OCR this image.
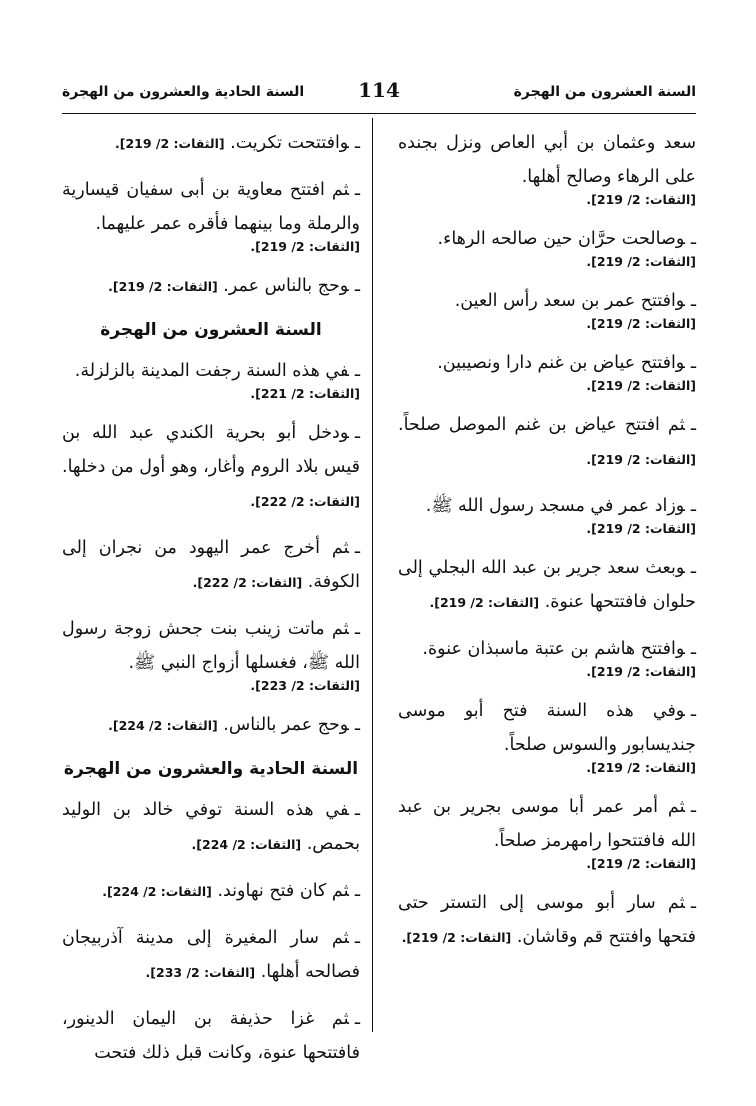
السنة العشرون من الهجرة
114
السنة الحادية والعشرون من الهجرة

سعد وعثمان بن أبي العاص ونزل بجنده على الرهاء وصالح أهلها.
[الثقات: 2/ 219].

ـوصالحت حرَّان حين صالحه الرهاء.
[الثقات: 2/ 219].

ـوافتتح عمر بن سعد رأس العين.
[الثقات: 2/ 219].

ـوافتتح عياض بن غنم دارا ونصيبين.
[الثقات: 2/ 219].

ـثم افتتح عياض بن غنم الموصل صلحاً. [الثقات: 2/ 219].

ـوزاد عمر في مسجد رسول الله ﷺ.
[الثقات: 2/ 219].

ـوبعث سعد جرير بن عبد الله البجلي إلى حلوان فافتتحها عنوة. [الثقات: 2/ 219].

ـوافتتح هاشم بن عتبة ماسبذان عنوة.
[الثقات: 2/ 219].

ـوفي هذه السنة فتح أبو موسى جنديسابور والسوس صلحاً.
[الثقات: 2/ 219].

ـثم أمر عمر أبا موسى بجرير بن عبد الله فافتتحوا رامهرمز صلحاً.
[الثقات: 2/ 219].

ـثم سار أبو موسى إلى التستر حتى فتحها وافتتح قم وقاشان. [الثقات: 2/ 219].

ـوافتتحت تكريت. [الثقات: 2/ 219].

ـثم افتتح معاوية بن أبى سفيان قيسارية والرملة وما بينهما فأقره عمر عليهما.
[الثقات: 2/ 219].

ـوحج بالناس عمر. [الثقات: 2/ 219].

السنة العشرون من الهجرة

ـفي هذه السنة رجفت المدينة بالزلزلة.
[الثقات: 2/ 221].

ـودخل أبو بحرية الكندي عبد الله بن قيس بلاد الروم وأغار، وهو أول من دخلها. [الثقات: 2/ 222].

ـثم أخرج عمر اليهود من نجران إلى الكوفة. [الثقات: 2/ 222].

ـثم ماتت زينب بنت جحش زوجة رسول الله ﷺ، فغسلها أزواج النبي ﷺ.
[الثقات: 2/ 223].

ـوحج عمر بالناس. [الثقات: 2/ 224].

السنة الحادية والعشرون من الهجرة

ـفي هذه السنة توفي خالد بن الوليد بحمص. [الثقات: 2/ 224].

ـثم كان فتح نهاوند. [الثقات: 2/ 224].

ـثم سار المغيرة إلى مدينة آذربيجان فصالحه أهلها. [الثقات: 2/ 233].

ـثم غزا حذيفة بن اليمان الدينور، فافتتحها عنوة، وكانت قبل ذلك فتحت
